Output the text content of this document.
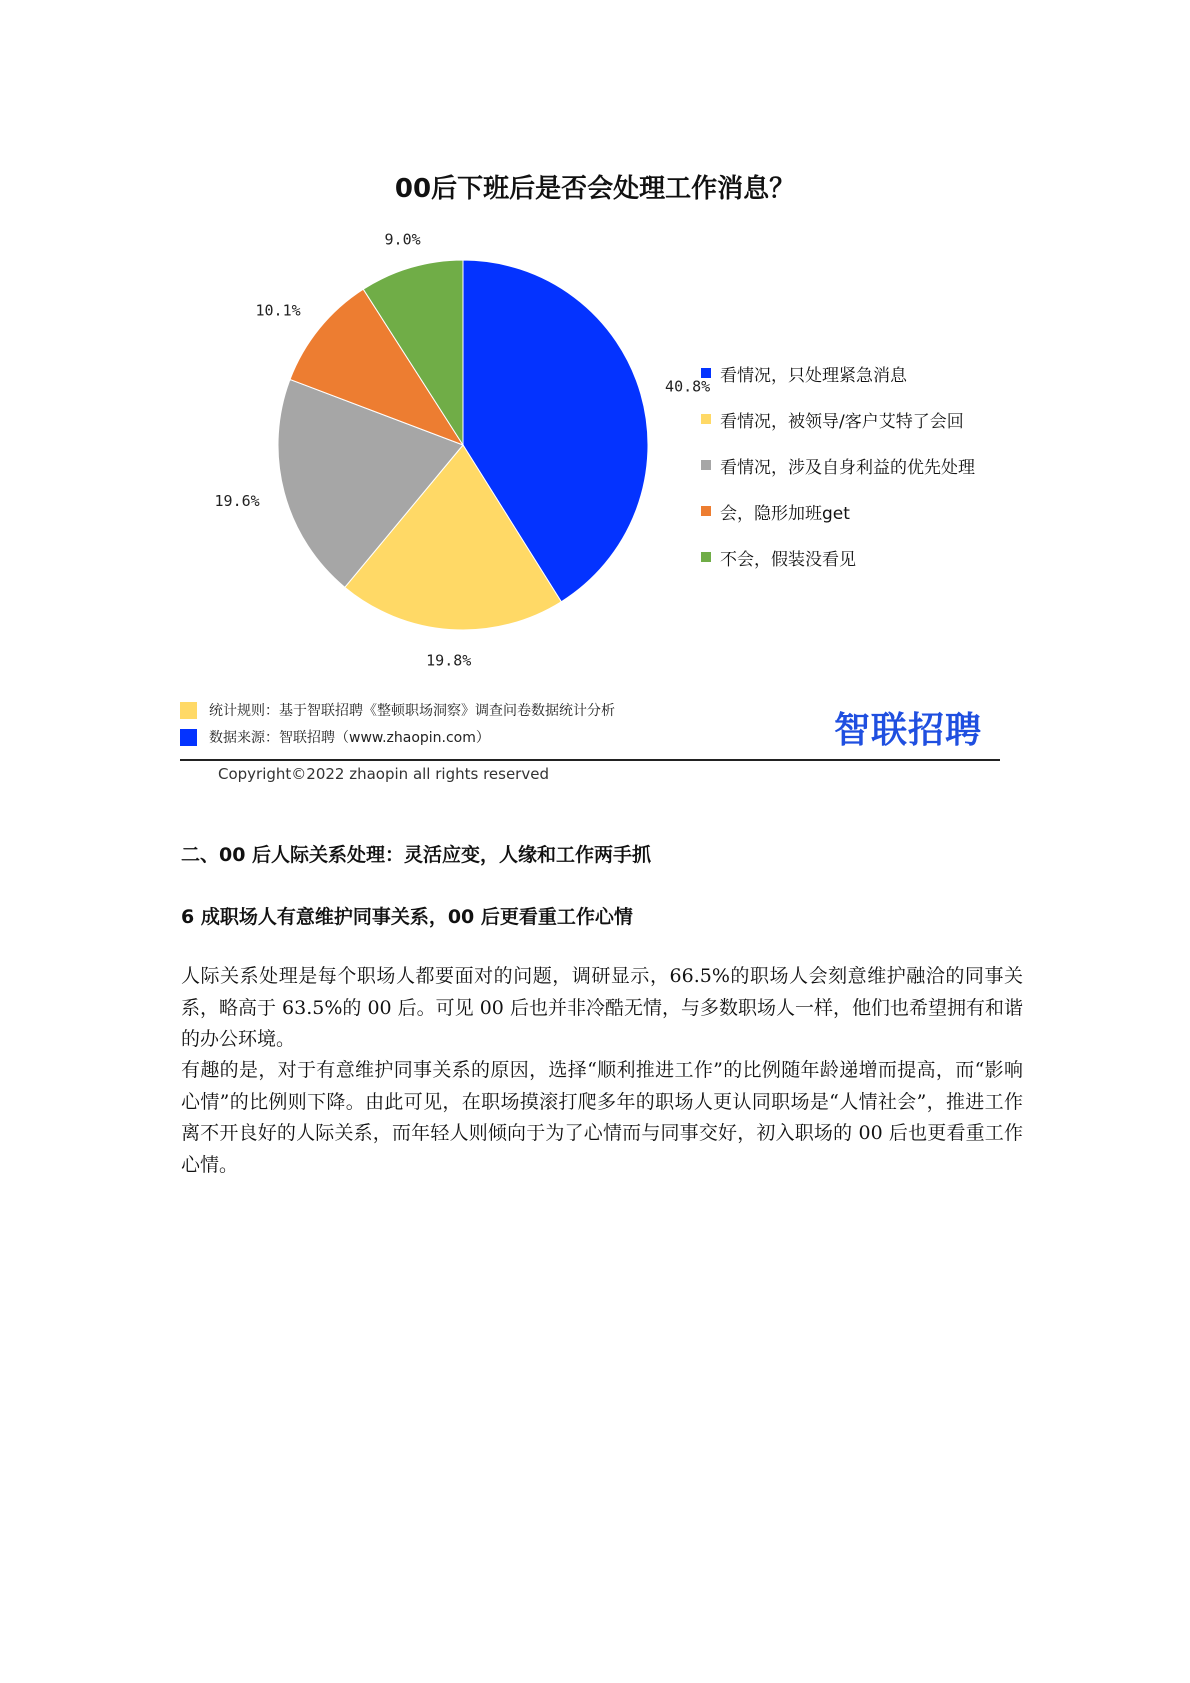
00后下班后是否会处理工作消息？
40.8%
19.8%
19.6%
10.1%
9.0%
看情况，只处理紧急消息
看情况，被领导/客户艾特了会回
看情况，涉及自身利益的优先处理
会，隐形加班get
不会，假装没看见
统计规则：基于智联招聘《整顿职场洞察》调查问卷数据统计分析
数据来源：智联招聘（www.zhaopin.com）	智联招聘
Copyright©2022 zhaopin all rights reserved
二、00 后人际关系处理：灵活应变，人缘和工作两手抓
6 成职场人有意维护同事关系，00 后更看重工作心情
人际关系处理是每个职场人都要面对的问题，调研显示，66.5%的职场人会刻意维护融洽的同事关系，略高于 63.5%的 00 后。可见 00 后也并非冷酷无情，与多数职场人一样，他们也希望拥有和谐的办公环境。
有趣的是，对于有意维护同事关系的原因，选择“顺利推进工作”的比例随年龄递增而提高，而“影响心情”的比例则下降。由此可见，在职场摸滚打爬多年的职场人更认同职场是“人情社会”，推进工作离不开良好的人际关系，而年轻人则倾向于为了心情而与同事交好，初入职场的 00 后也更看重工作心情。
